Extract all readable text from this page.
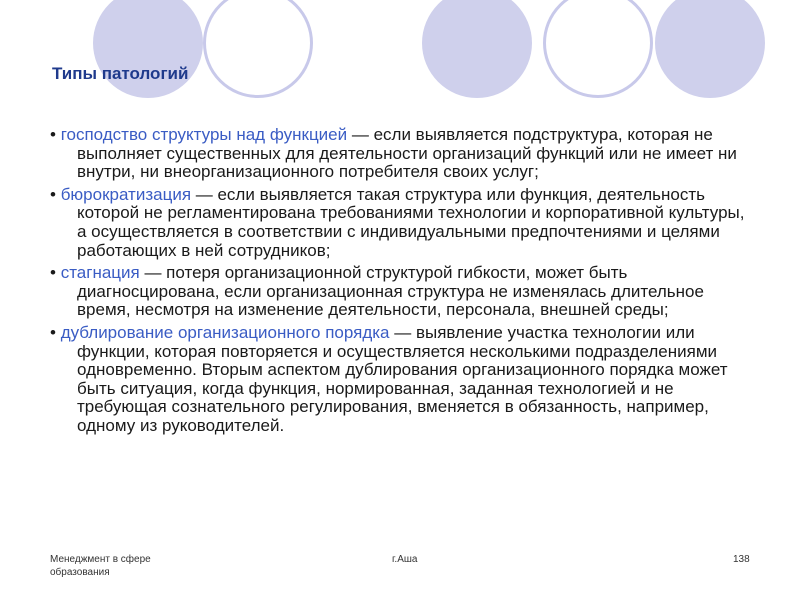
Типы патологий
• господство структуры над функцией — если выявляется подструктура, которая не выполняет существенных для деятельности организаций функций или не имеет ни внутри, ни внеорганизационного потребителя своих услуг;
• бюрократизация — если выявляется такая структура или функция, деятельность которой не регламентирована требованиями технологии и корпоративной культуры, а осуществляется в соответствии с индивидуальными предпочтениями и целями работающих в ней сотрудников;
• стагнация — потеря организационной структурой гибкости, может быть диагносцирована, если организационная структура не изменялась длительное время, несмотря на изменение деятельности, персонала, внешней среды;
• дублирование организационного порядка — выявление участка технологии или функции, которая повторяется и осуществляется несколькими подразделениями одновременно. Вторым аспектом дублирования организационного порядка может быть ситуация, когда функция, нормированная, заданная технологией и не требующая сознательного регулирования, вменяется в обязанность, например, одному из руководителей.
Менеджмент в сфере образования
г.Аша	138
